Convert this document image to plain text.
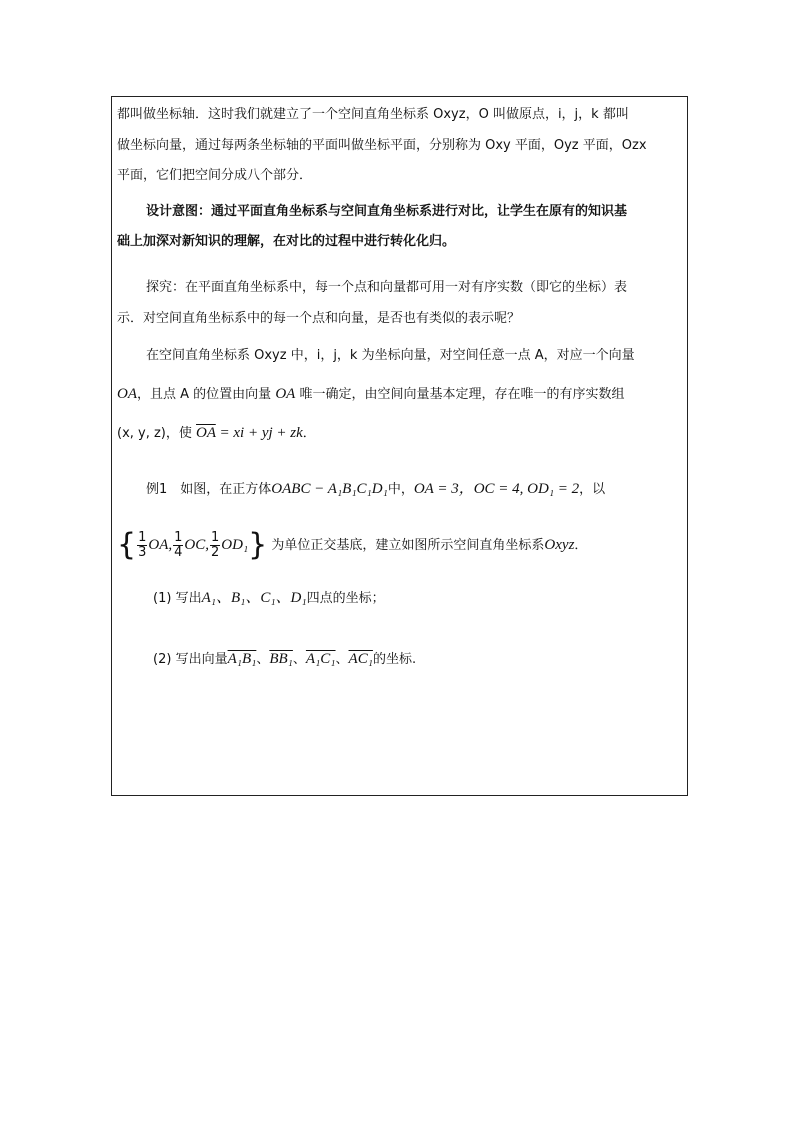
都叫做坐标轴．这时我们就建立了一个空间直角坐标系 Oxyz，O 叫做原点，i，j，k 都叫
做坐标向量，通过每两条坐标轴的平面叫做坐标平面，分别称为 Oxy 平面，Oyz 平面，Ozx
平面，它们把空间分成八个部分．
设计意图：通过平面直角坐标系与空间直角坐标系进行对比，让学生在原有的知识基
础上加深对新知识的理解，在对比的过程中进行转化化归。
探究：在平面直角坐标系中，每一个点和向量都可用一对有序实数（即它的坐标）表
示．对空间直角坐标系中的每一个点和向量，是否也有类似的表示呢？
在空间直角坐标系 Oxyz 中，i，j，k 为坐标向量，对空间任意一点 A，对应一个向量
OA，且点 A 的位置由向量 OA 唯一确定，由空间向量基本定理，存在唯一的有序实数组
(x, y, z)，使 $\overline{OA}$ = xi + yj + zk．
例1　如图，在正方体OABC − A₁B₁C₁D₁中，OA = 3，OC = 4, OD₁ = 2，以
{ $\frac{1}{3}$ OA, $\frac{1}{4}$ OC, $\frac{1}{2} OD_1$} 为单位正交基底，建立如图所示空间直角坐标系Oxyz．
(1) 写出A₁、B₁、C₁、D₁四点的坐标；
(2) 写出向量A₁B₁、BB₁、A₁C₁、AC₁的坐标.
